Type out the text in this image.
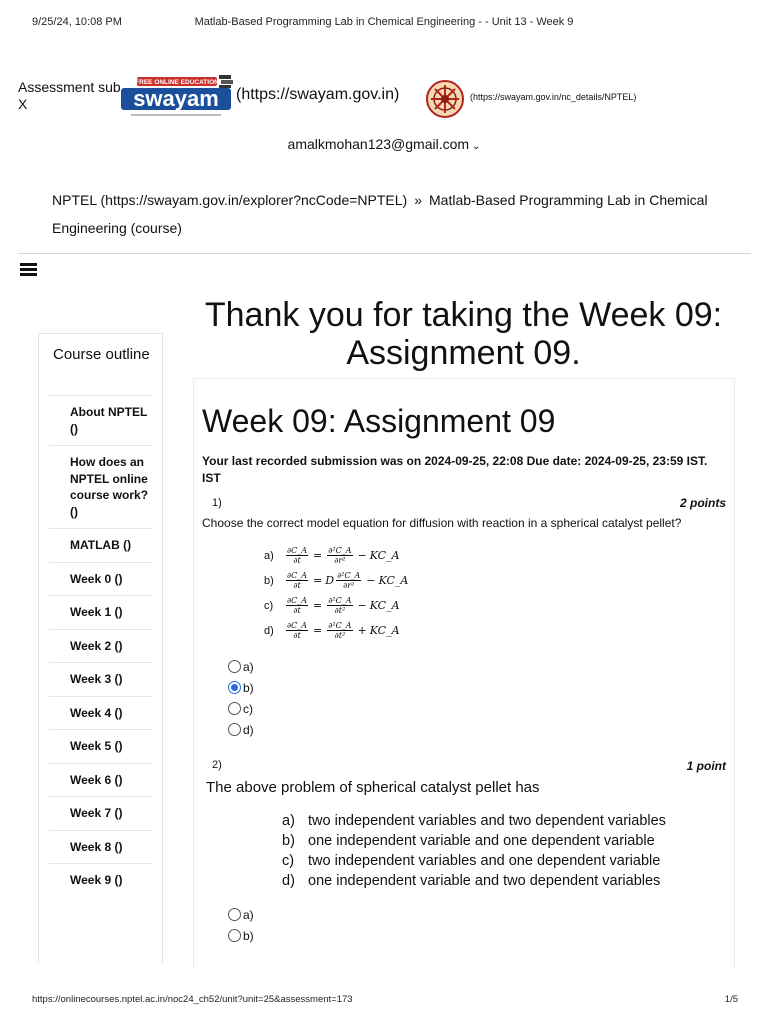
9/25/24, 10:08 PM	Matlab-Based Programming Lab in Chemical Engineering - - Unit 13 - Week 9
Assessment sub X
FREE ONLINE EDUCATION
swayam (https://swayam.gov.in)	(https://swayam.gov.in/nc_details/NPTEL)
amalkmohan123@gmail.com ⌄
NPTEL (https://swayam.gov.in/explorer?ncCode=NPTEL) » Matlab-Based Programming Lab in Chemical Engineering (course)
Thank you for taking the Week 09: Assignment 09.
Course outline
About NPTEL ()
How does an NPTEL online course work? ()
MATLAB ()
Week 0 ()
Week 1 ()
Week 2 ()
Week 3 ()
Week 4 ()
Week 5 ()
Week 6 ()
Week 7 ()
Week 8 ()
Week 9 ()
Week 09: Assignment 09
Your last recorded submission was on 2024-09-25, 22:08 Due date: 2024-09-25, 23:59 IST.
IST
1)	2 points
Choose the correct model equation for diffusion with reaction in a spherical catalyst pellet?
a)	$\frac{\partial C\_A}{\partial t} = \frac{\text{∂²C\_A}}{\text{∂r²}}$ − KC_A
b)	$\frac{\partial C\_A}{\partial t} = D \frac{\text{∂²C\_A}}{\text{∂r²}}$ − KC_A
c)	$\frac{\partial C\_A}{\partial t} = \frac{\text{∂²C\_A}}{\text{∂t²}}$ − KC_A
d)	$\frac{\partial C\_A}{\partial t} = \frac{\text{∂²C\_A}}{\text{∂t²}}$ + KC_A
a)
b)
c)
d)
2)	1 point
The above problem of spherical catalyst pellet has
a) two independent variables and two dependent variables
b) one independent variable and one dependent variable
c) two independent variables and one dependent variable
d) one independent variable and two dependent variables
a)
b)
https://onlinecourses.nptel.ac.in/noc24_ch52/unit?unit=25&assessment=173	1/5
